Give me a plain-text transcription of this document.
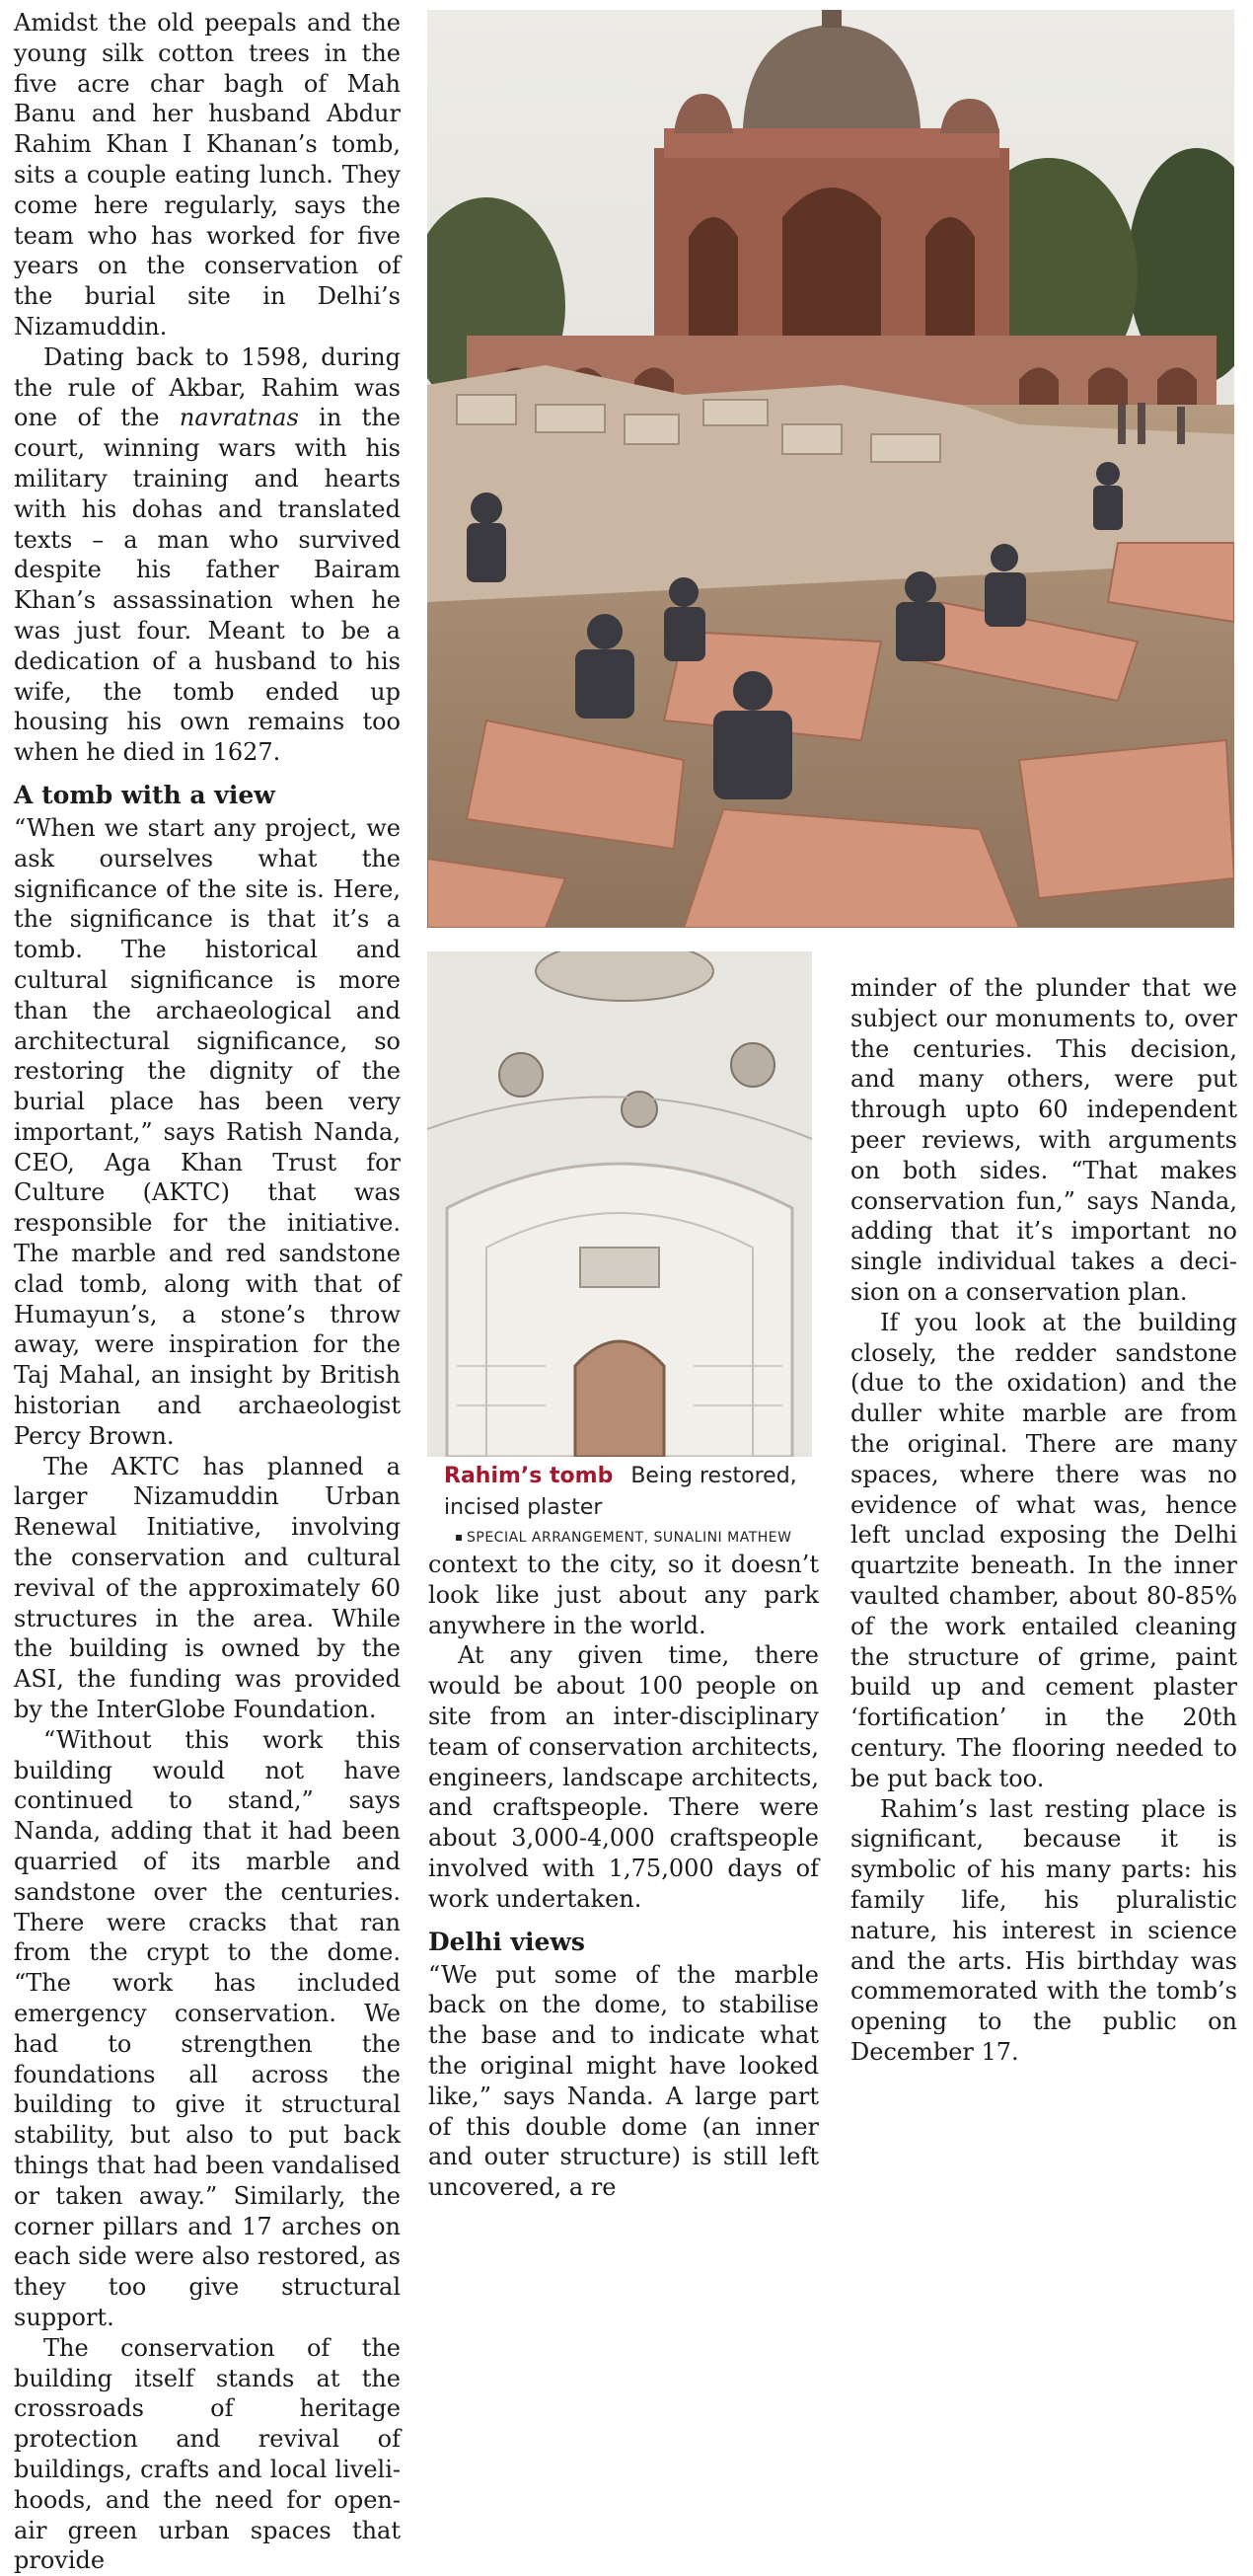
Amidst the old peepals and the young silk cotton trees in the five acre char bagh of Mah Banu and her husband Abdur Rahim Khan I Khanan’s tomb, sits a couple eating lunch. They come here regularly, says the team who has worked for five years on the conservation of the burial site in Delhi’s Nizamuddin.

Dating back to 1598, during the rule of Akbar, Rahim was one of the navratnas in the court, winning wars with his military training and hearts with his dohas and translated texts – a man who survived despite his father Bairam Khan’s assassination when he was just four. Meant to be a dedication of a husband to his wife, the tomb ended up housing his own remains too when he died in 1627.

A tomb with a view

“When we start any project, we ask ourselves what the significance of the site is. Here, the significance is that it’s a tomb. The historical and cultural significance is more than the archaeological and architectural significance, so restoring the dignity of the burial place has been very important,” says Ratish Nanda, CEO, Aga Khan Trust for Culture (AKTC) that was responsible for the initiative. The marble and red sandstone clad tomb, along with that of Humayun’s, a stone’s throw away, were inspiration for the Taj Mahal, an insight by British historian and archaeologist Percy Brown.

The AKTC has planned a larger Nizamuddin Urban Renewal Initiative, involving the conservation and cultural revival of the approximately 60 structures in the area. While the building is owned by the ASI, the funding was provided by the InterGlobe Foundation.

“Without this work this building would not have continued to stand,” says Nanda, adding that it had been quarried of its marble and sandstone over the centuries. There were cracks that ran from the crypt to the dome. “The work has included emergency conservation. We had to strengthen the foundations all across the building to give it structural stability, but also to put back things that had been vandalised or taken away.” Similarly, the corner pillars and 17 arches on each side were also restored, as they too give structural support.

The conservation of the building itself stands at the crossroads of heritage protection and revival of buildings, crafts and local livelihoods, and the need for open-air green urban spaces that provide

Rahim’s tomb Being restored, incised plaster
SPECIAL ARRANGEMENT, SUNALINI MATHEW

context to the city, so it doesn’t look like just about any park anywhere in the world.

At any given time, there would be about 100 people on site from an inter-disciplinary team of conservation architects, engineers, landscape architects, and craftspeople. There were about 3,000-4,000 craftspeople involved with 1,75,000 days of work undertaken.

Delhi views

“We put some of the marble back on the dome, to stabilise the base and to indicate what the original might have looked like,” says Nanda. A large part of this double dome (an inner and outer structure) is still left uncovered, a re

minder of the plunder that we subject our monuments to, over the centuries. This decision, and many others, were put through upto 60 independent peer reviews, with arguments on both sides. “That makes conservation fun,” says Nanda, adding that it’s important no single individual takes a decision on a conservation plan.

If you look at the building closely, the redder sandstone (due to the oxidation) and the duller white marble are from the original. There are many spaces, where there was no evidence of what was, hence left unclad exposing the Delhi quartzite beneath. In the inner vaulted chamber, about 80-85% of the work entailed cleaning the structure of grime, paint build up and cement plaster ‘fortification’ in the 20th century. The flooring needed to be put back too.

Rahim’s last resting place is significant, because it is symbolic of his many parts: his family life, his pluralistic nature, his interest in science and the arts. His birthday was commemorated with the tomb’s opening to the public on December 17.
